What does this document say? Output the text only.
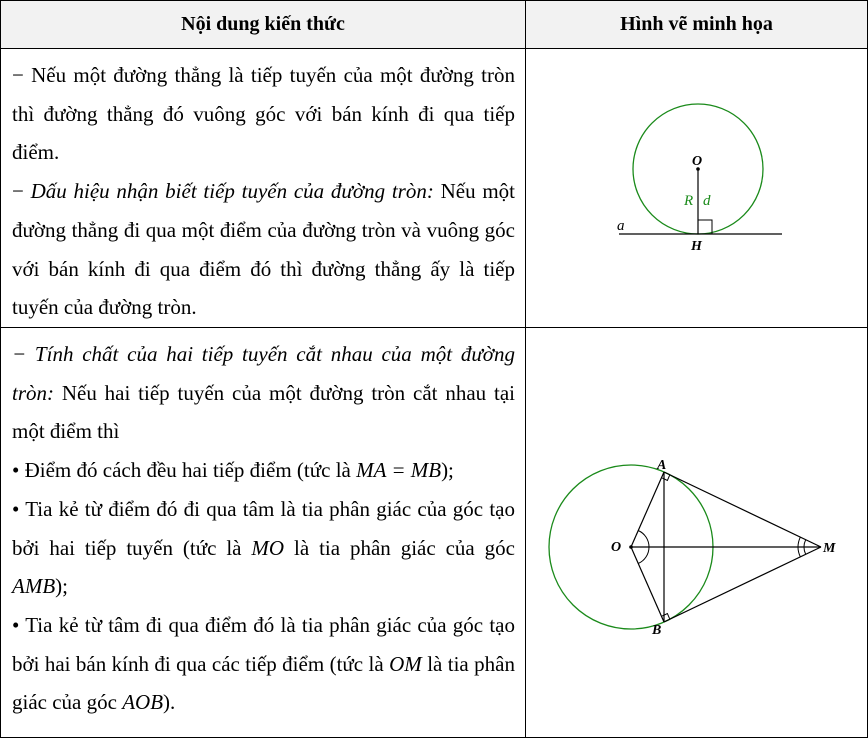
Nội dung kiến thức	Hình vẽ minh họa

− Nếu một đường thẳng là tiếp tuyến của một đường tròn thì đường thẳng đó vuông góc với bán kính đi qua tiếp điểm.

− Dấu hiệu nhận biết tiếp tuyến của đường tròn: Nếu một đường thẳng đi qua một điểm của đường tròn và vuông góc với bán kính đi qua điểm đó thì đường thẳng ấy là tiếp tuyến của đường tròn.

O
R d
a
H

− Tính chất của hai tiếp tuyến cắt nhau của một đường tròn: Nếu hai tiếp tuyến của một đường tròn cắt nhau tại một điểm thì

• Điểm đó cách đều hai tiếp điểm (tức là MA = MB);

• Tia kẻ từ điểm đó đi qua tâm là tia phân giác của góc tạo bởi hai tiếp tuyến (tức là MO là tia phân giác của góc AMB);

• Tia kẻ từ tâm đi qua điểm đó là tia phân giác của góc tạo bởi hai bán kính đi qua các tiếp điểm (tức là OM là tia phân giác của góc AOB).

A
B
O	M
